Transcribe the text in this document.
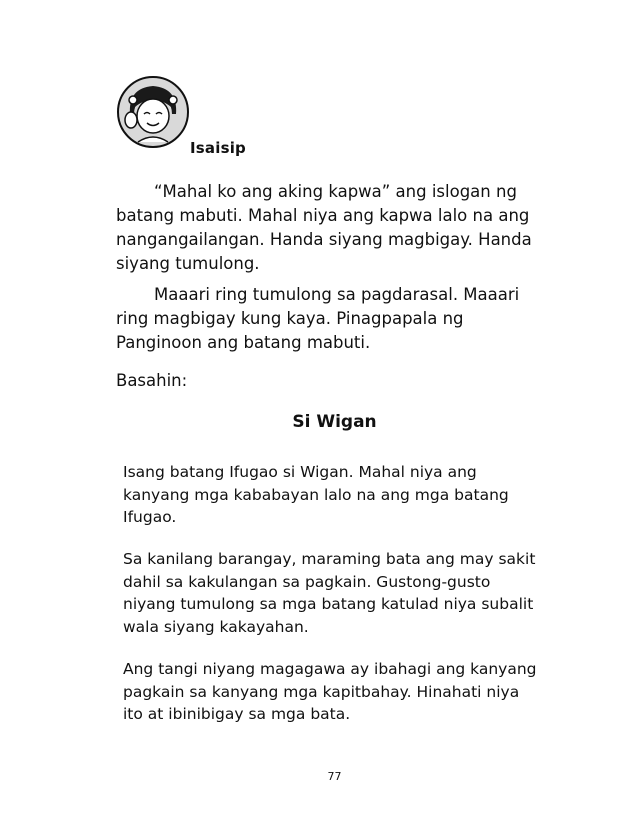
Isaisip

“Mahal ko ang aking kapwa” ang islogan ng batang mabuti. Mahal niya ang kapwa lalo na ang nangangailangan. Handa siyang magbigay. Handa siyang tumulong.

Maaari ring tumulong sa pagdarasal. Maaari ring magbigay kung kaya. Pinagpapala ng Panginoon ang batang mabuti.

Basahin:
Si Wigan

Isang batang Ifugao si Wigan. Mahal niya ang kanyang mga kababayan lalo na ang mga batang Ifugao.

Sa kanilang barangay, maraming bata ang may sakit dahil sa kakulangan sa pagkain. Gustong-gusto niyang tumulong sa mga batang katulad niya subalit wala siyang kakayahan.

Ang tangi niyang magagawa ay ibahagi ang kanyang pagkain sa kanyang mga kapitbahay. Hinahati niya ito at ibinibigay sa mga bata.

77
